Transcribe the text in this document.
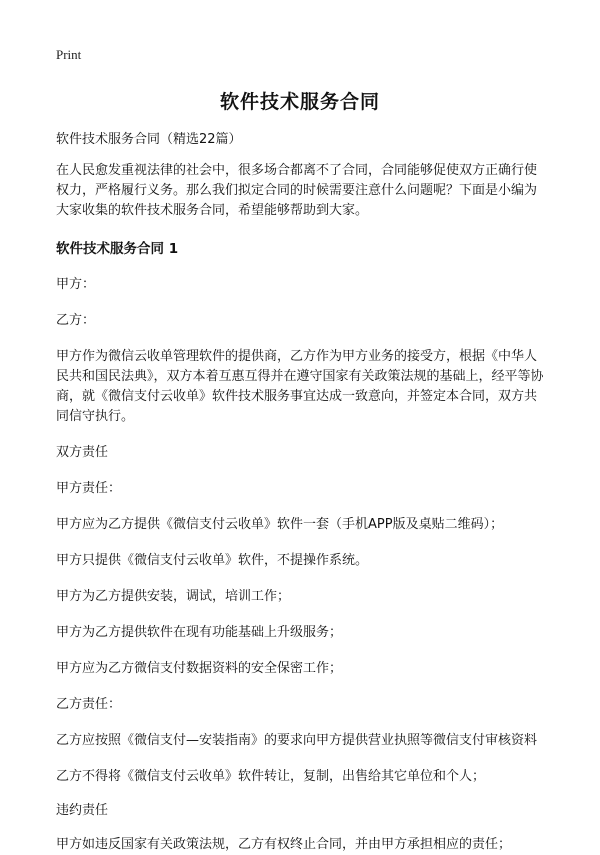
Print
软件技术服务合同

软件技术服务合同（精选22篇）

在人民愈发重视法律的社会中，很多场合都离不了合同，合同能够促使双方正确行使权力，严格履行义务。那么我们拟定合同的时候需要注意什么问题呢？下面是小编为大家收集的软件技术服务合同，希望能够帮助到大家。

软件技术服务合同 1

甲方：

乙方：

甲方作为微信云收单管理软件的提供商，乙方作为甲方业务的接受方，根据《中华人民共和国民法典》，双方本着互惠互得并在遵守国家有关政策法规的基础上，经平等协商，就《微信支付云收单》软件技术服务事宜达成一致意向，并签定本合同，双方共同信守执行。

双方责任

甲方责任：

甲方应为乙方提供《微信支付云收单》软件一套（手机APP版及桌贴二维码）；

甲方只提供《微信支付云收单》软件，不提操作系统。

甲方为乙方提供安装，调试，培训工作；

甲方为乙方提供软件在现有功能基础上升级服务；

甲方应为乙方微信支付数据资料的安全保密工作；

乙方责任：

乙方应按照《微信支付—安装指南》的要求向甲方提供营业执照等微信支付审核资料

乙方不得将《微信支付云收单》软件转让，复制，出售给其它单位和个人；

违约责任

甲方如违反国家有关政策法规，乙方有权终止合同，并由甲方承担相应的责任；
